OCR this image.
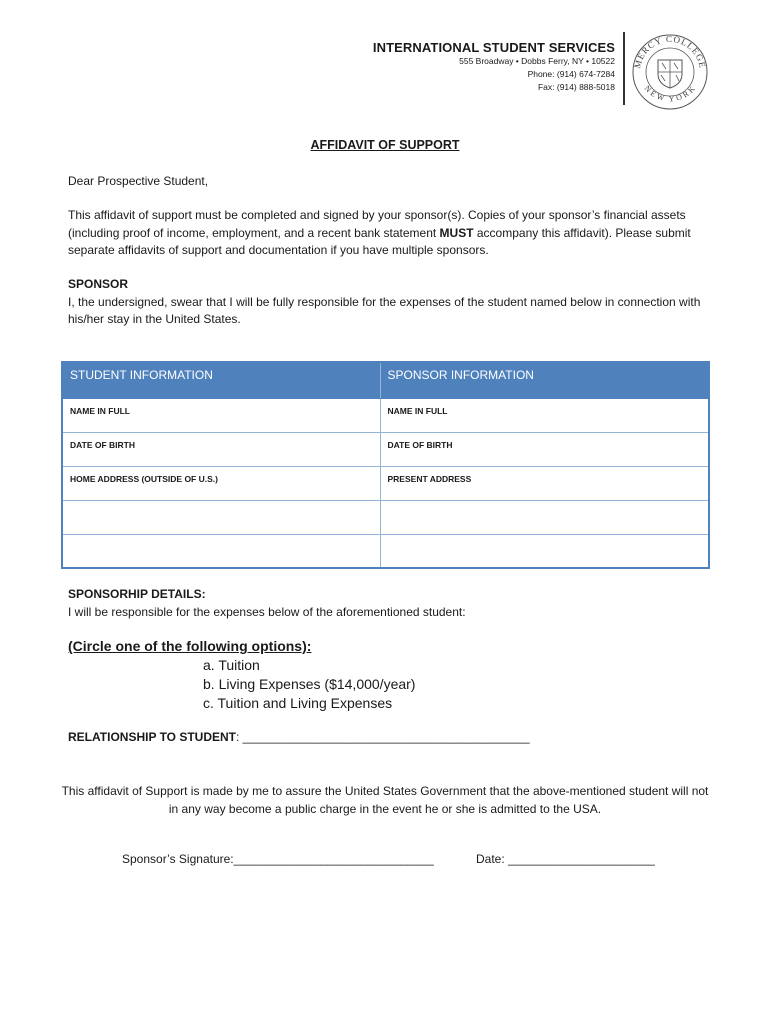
INTERNATIONAL STUDENT SERVICES
555 Broadway • Dobbs Ferry, NY • 10522
Phone: (914) 674-7284
Fax: (914) 888-5018
MERCY COLLEGE
NEW YORK
AFFIDAVIT OF SUPPORT
Dear Prospective Student,
This affidavit of support must be completed and signed by your sponsor(s). Copies of your sponsor’s financial assets (including proof of income, employment, and a recent bank statement MUST accompany this affidavit). Please submit separate affidavits of support and documentation if you have multiple sponsors.
SPONSOR
I, the undersigned, swear that I will be fully responsible for the expenses of the student named below in connection with his/her stay in the United States.
STUDENT INFORMATION	SPONSOR INFORMATION
NAME IN FULL	NAME IN FULL
DATE OF BIRTH	DATE OF BIRTH
HOME ADDRESS (OUTSIDE OF U.S.)	PRESENT ADDRESS

SPONSORHIP DETAILS:
I will be responsible for the expenses below of the aforementioned student:
(Circle one of the following options):
a. Tuition
b. Living Expenses ($14,000/year)
c. Tuition and Living Expenses
RELATIONSHIP TO STUDENT: ___________________________________________
This affidavit of Support is made by me to assure the United States Government that the above-mentioned student will not in any way become a public charge in the event he or she is admitted to the USA.
Sponsor’s Signature:______________________________	Date: ______________________
